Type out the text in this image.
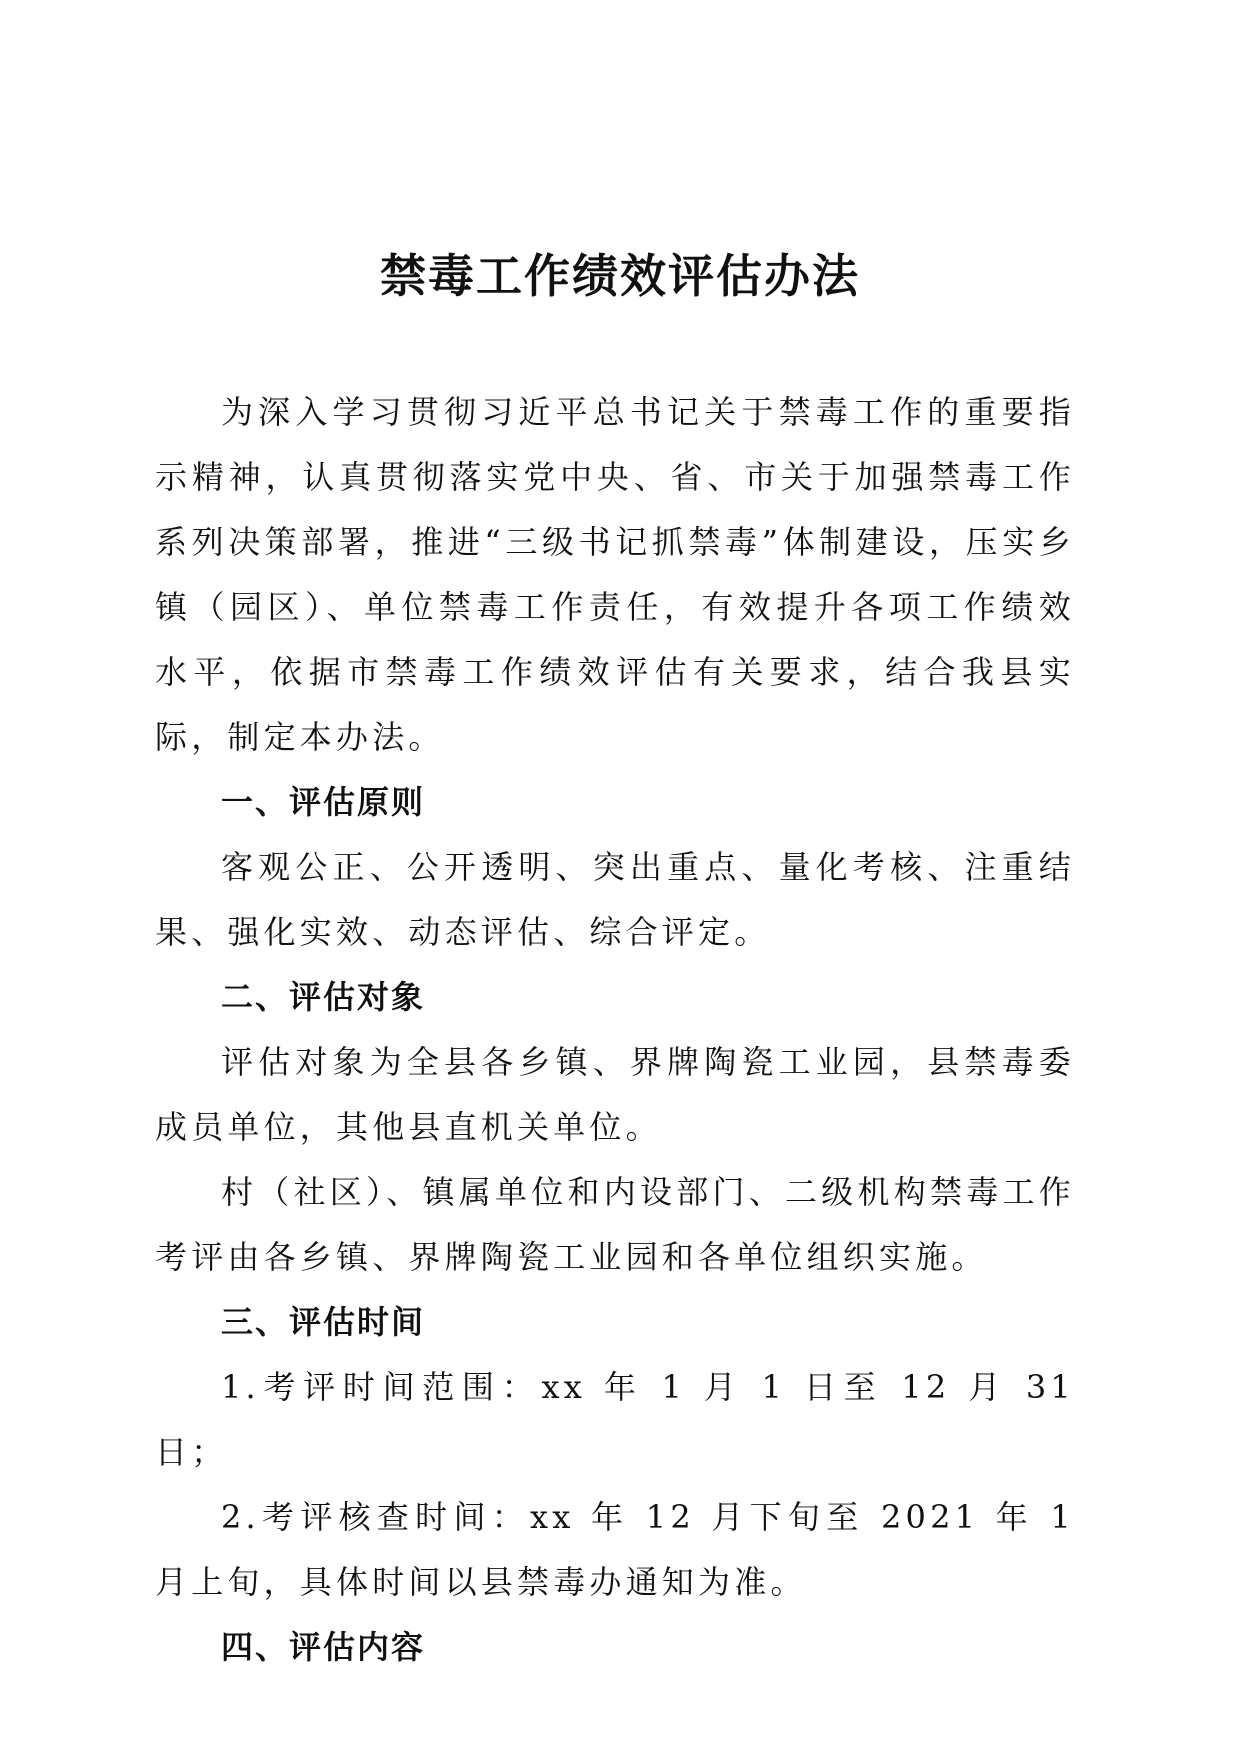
禁毒工作绩效评估办法

为深入学习贯彻习近平总书记关于禁毒工作的重要指示精神，认真贯彻落实党中央、省、市关于加强禁毒工作系列决策部署，推进“三级书记抓禁毒”体制建设，压实乡镇（园区）、单位禁毒工作责任，有效提升各项工作绩效水平，依据市禁毒工作绩效评估有关要求，结合我县实际，制定本办法。

一、评估原则

客观公正、公开透明、突出重点、量化考核、注重结果、强化实效、动态评估、综合评定。

二、评估对象

评估对象为全县各乡镇、界牌陶瓷工业园，县禁毒委成员单位，其他县直机关单位。

村（社区）、镇属单位和内设部门、二级机构禁毒工作考评由各乡镇、界牌陶瓷工业园和各单位组织实施。

三、评估时间

1.考评时间范围：xx 年 1 月 1 日至 12 月 31 日；

2.考评核查时间：xx 年 12 月下旬至 2021 年 1 月上旬，具体时间以县禁毒办通知为准。

四、评估内容
